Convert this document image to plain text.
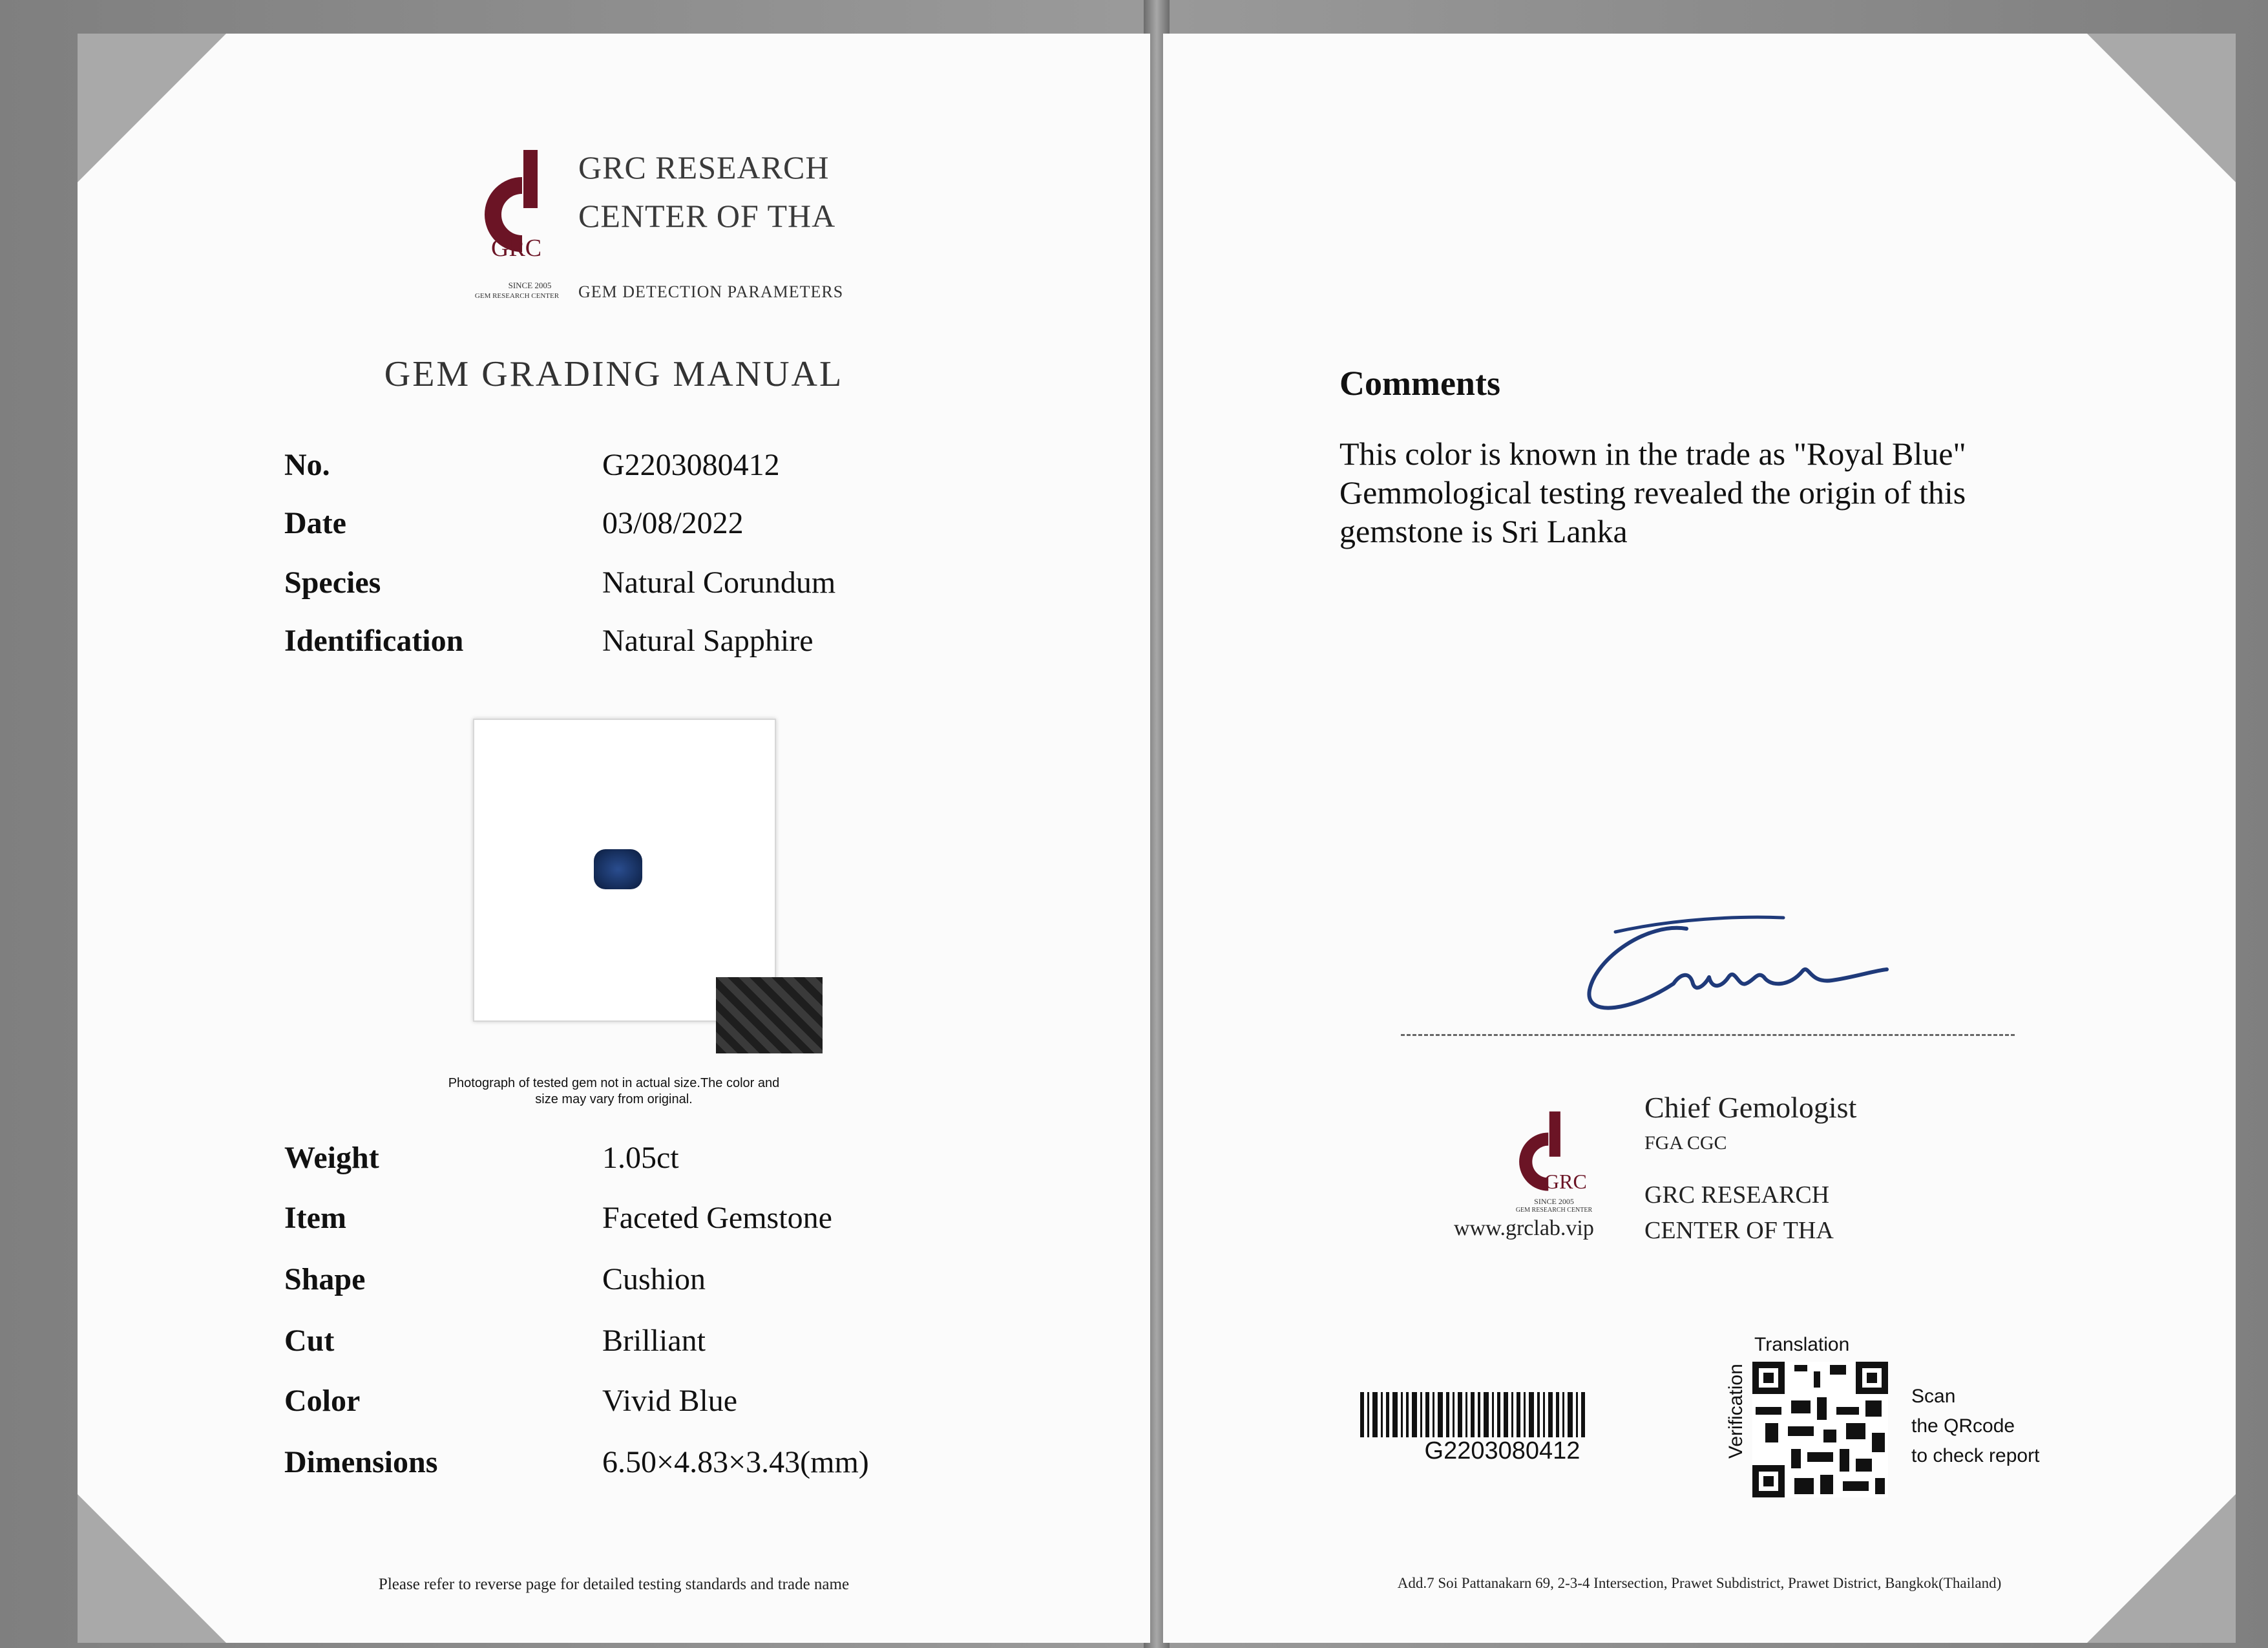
GRC
SINCE 2005
GEM RESEARCH CENTER
GRC RESEARCH
CENTER OF THA
GEM DETECTION PARAMETERS
GEM GRADING MANUAL
No.	G2203080412
Date	03/08/2022
Species	Natural Corundum
Identification	Natural Sapphire
Photograph of tested gem not in actual size.The color and
size may vary from original.
Weight	1.05ct
Item	Faceted Gemstone
Shape	Cushion
Cut	Brilliant
Color	Vivid Blue
Dimensions	6.50×4.83×3.43(mm)
Please refer to reverse page for detailed testing standards and trade name
Comments
This color is known in the trade as "Royal Blue"
Gemmological testing revealed the origin of this
gemstone is Sri Lanka
GRC
SINCE 2005
GEM RESEARCH CENTER
www.grclab.vip
Chief Gemologist
FGA CGC
GRC RESEARCH
CENTER OF THA
G2203080412
Translation
Verification	Scan
the QRcode
to check report
Add.7 Soi Pattanakarn 69, 2-3-4 Intersection, Prawet Subdistrict, Prawet District, Bangkok(Thailand)
